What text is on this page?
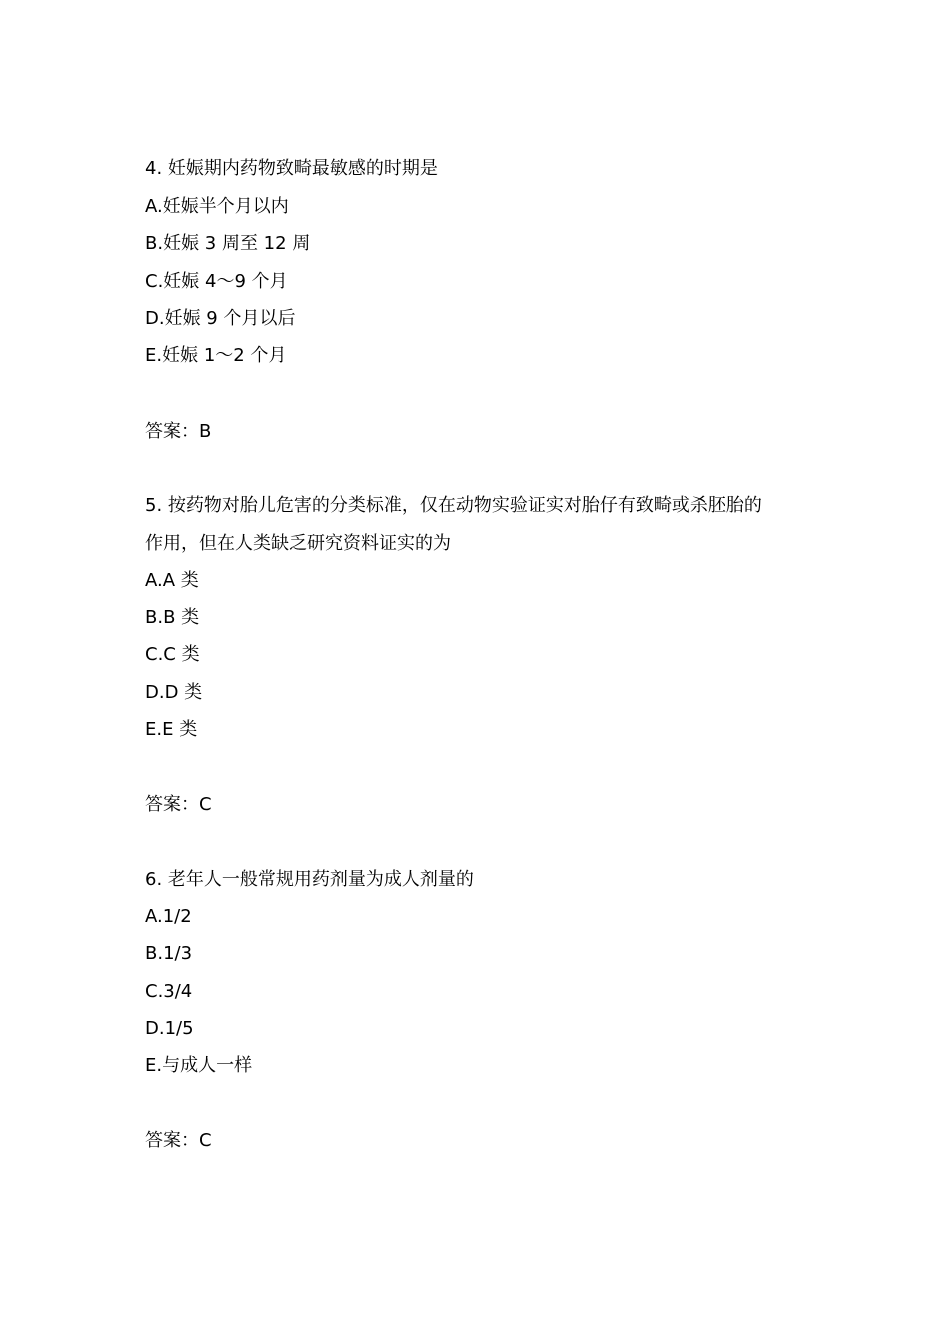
4. 妊娠期内药物致畸最敏感的时期是
A.妊娠半个月以内
B.妊娠 3 周至 12 周
C.妊娠 4～9 个月
D.妊娠 9 个月以后
E.妊娠 1～2 个月
答案：B
5. 按药物对胎儿危害的分类标准，仅在动物实验证实对胎仔有致畸或杀胚胎的
作用，但在人类缺乏研究资料证实的为
A.A 类
B.B 类
C.C 类
D.D 类
E.E 类
答案：C
6. 老年人一般常规用药剂量为成人剂量的
A.1/2
B.1/3
C.3/4
D.1/5
E.与成人一样
答案：C
